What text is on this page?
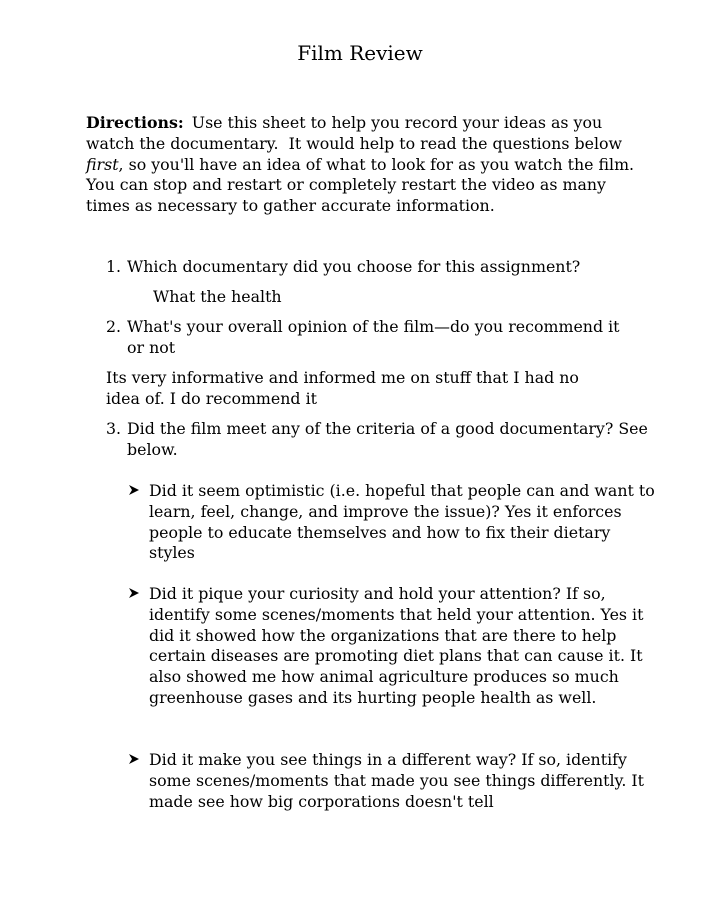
Film Review
Directions: Use this sheet to help you record your ideas as you watch the documentary. It would help to read the questions below first, so you'll have an idea of what to look for as you watch the film. You can stop and restart or completely restart the video as many times as necessary to gather accurate information.
1. Which documentary did you choose for this assignment?
What the health
2. What's your overall opinion of the film—do you recommend it or not
Its very informative and informed me on stuff that I had no idea of. I do recommend it
3. Did the film meet any of the criteria of a good documentary? See below.
Did it seem optimistic (i.e. hopeful that people can and want to learn, feel, change, and improve the issue)? Yes it enforces people to educate themselves and how to fix their dietary styles
Did it pique your curiosity and hold your attention? If so, identify some scenes/moments that held your attention. Yes it did it showed how the organizations that are there to help certain diseases are promoting diet plans that can cause it. It also showed me how animal agriculture produces so much greenhouse gases and its hurting people health as well.
Did it make you see things in a different way? If so, identify some scenes/moments that made you see things differently. It made see how big corporations doesn't tell
